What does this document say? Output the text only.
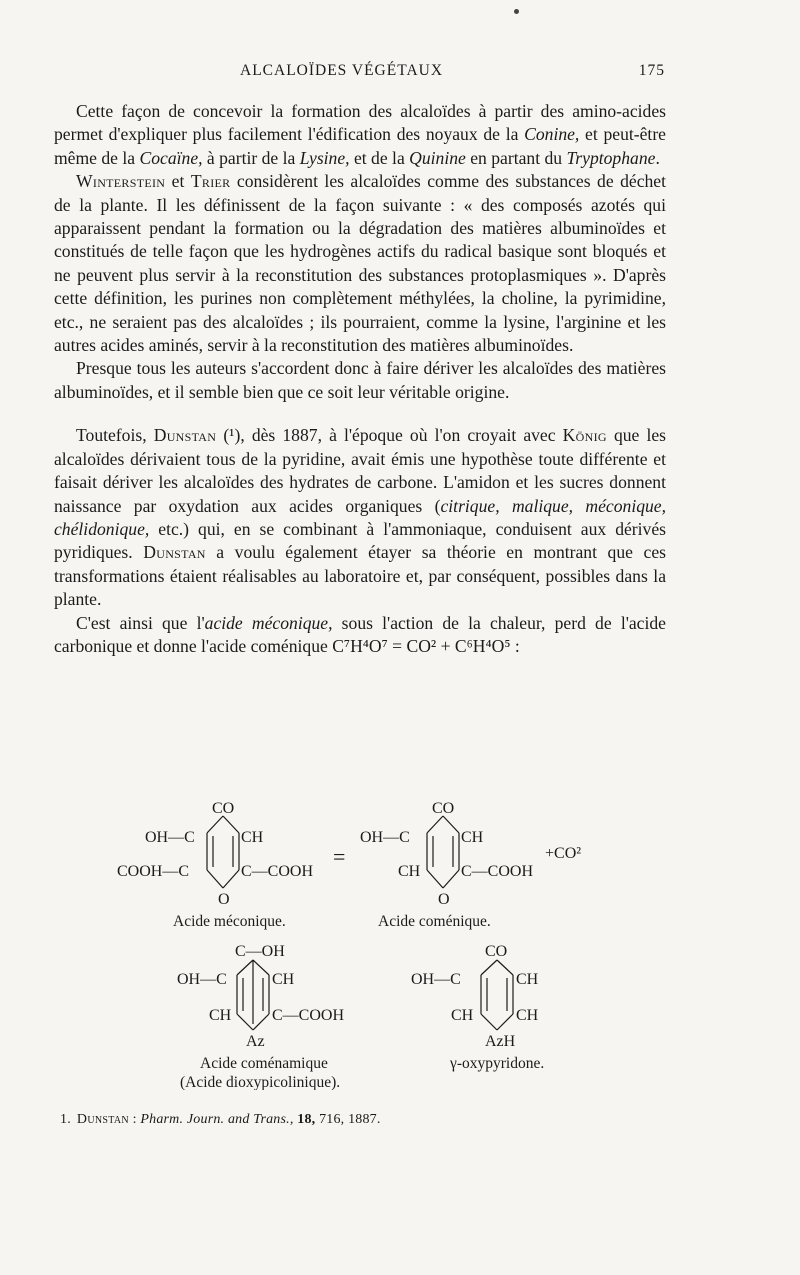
ALCALOÏDES VÉGÉTAUX	175

Cette façon de concevoir la formation des alcaloïdes à partir des amino-acides permet d'expliquer plus facilement l'édification des noyaux de la Conine, et peut-être même de la Cocaïne, à partir de la Lysine, et de la Quinine en partant du Tryptophane.

Winterstein et Trier considèrent les alcaloïdes comme des substances de déchet de la plante. Il les définissent de la façon suivante : « des composés azotés qui apparaissent pendant la formation ou la dégradation des matières albuminoïdes et constitués de telle façon que les hydrogènes actifs du radical basique sont bloqués et ne peuvent plus servir à la reconstitution des substances protoplasmiques ». D'après cette définition, les purines non complètement méthylées, la choline, la pyrimidine, etc., ne seraient pas des alcaloïdes ; ils pourraient, comme la lysine, l'arginine et les autres acides aminés, servir à la reconstitution des matières albuminoïdes.

Presque tous les auteurs s'accordent donc à faire dériver les alcaloïdes des matières albuminoïdes, et il semble bien que ce soit leur véritable origine.

Toutefois, Dunstan (¹), dès 1887, à l'époque où l'on croyait avec König que les alcaloïdes dérivaient tous de la pyridine, avait émis une hypothèse toute différente et faisait dériver les alcaloïdes des hydrates de carbone. L'amidon et les sucres donnent naissance par oxydation aux acides organiques (citrique, malique, méconique, chélidonique, etc.) qui, en se combinant à l'ammoniaque, conduisent aux dérivés pyridiques. Dunstan a voulu également étayer sa théorie en montrant que ces transformations étaient réalisables au laboratoire et, par conséquent, possibles dans la plante.

C'est ainsi que l'acide méconique, sous l'action de la chaleur, perd de l'acide carbonique et donne l'acide coménique C⁷H⁴O⁷ = CO² + C⁶H⁴O⁵ :

CO
OH—C	CH
COOH—C	C—COOH
O
=
CO
OH—C	CH
CH	C—COOH
O
+CO²
Acide méconique.	Acide coménique.
C—OH
OH—C	CH
CH	C—COOH
Az
CO
OH—C	CH
CH	CH
AzH
Acide coménamique
(Acide dioxypicolinique).
γ-oxypyridone.
1. Dunstan : Pharm. Journ. and Trans., 18, 716, 1887.
